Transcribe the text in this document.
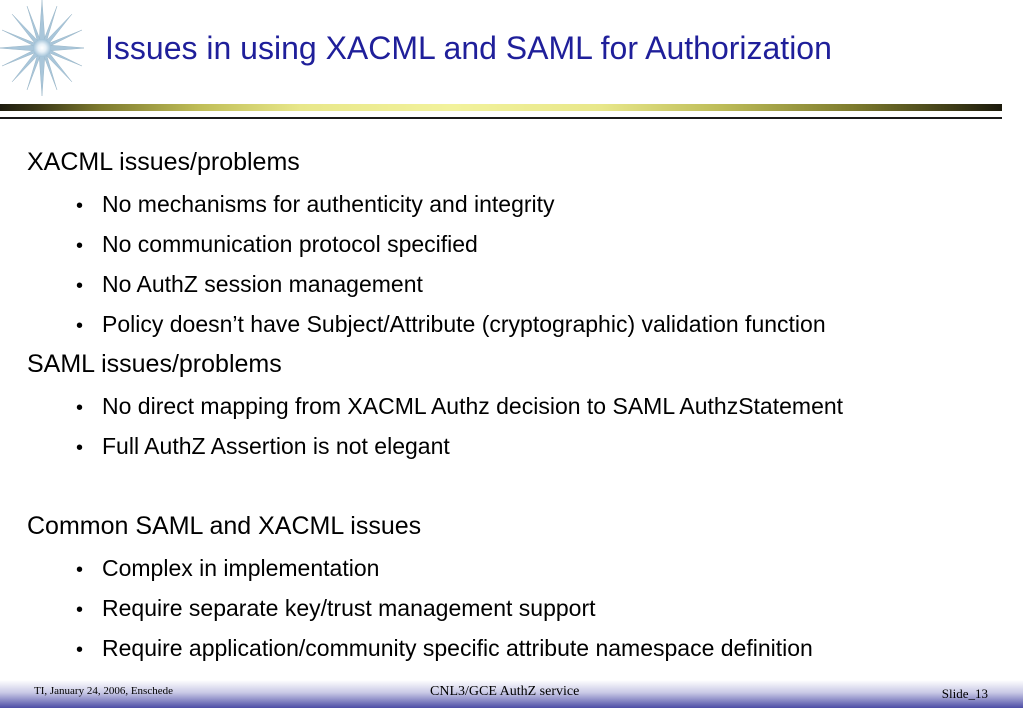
Issues in using XACML and SAML for Authorization
XACML issues/problems
• No mechanisms for authenticity and integrity
• No communication protocol specified
• No AuthZ session management
• Policy doesn’t have Subject/Attribute (cryptographic) validation function
SAML issues/problems
• No direct mapping from XACML Authz decision to SAML AuthzStatement
• Full AuthZ Assertion is not elegant
Common SAML and XACML issues
• Complex in implementation
• Require separate key/trust management support
• Require application/community specific attribute namespace definition
TI, January 24, 2006, Enschede	CNL3/GCE AuthZ service	Slide_13
